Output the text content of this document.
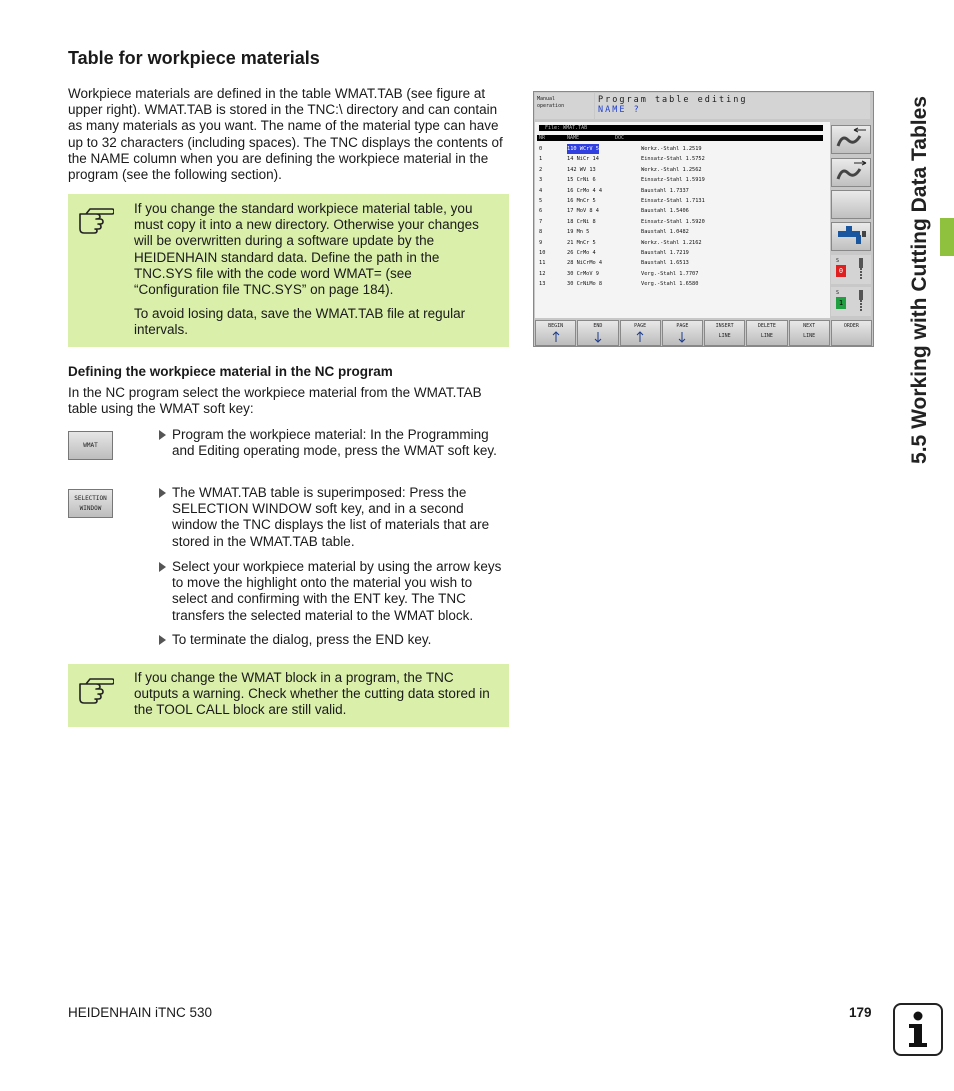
Table for workpiece materials
Workpiece materials are defined in the table WMAT.TAB (see figure at upper right). WMAT.TAB is stored in the TNC:\ directory and can contain as many materials as you want. The name of the material type can have up to 32 characters (including spaces). The TNC displays the contents of the NAME column when you are defining the workpiece material in the program (see the following section).
If you change the standard workpiece material table, you must copy it into a new directory. Otherwise your changes will be overwritten during a software update by the HEIDENHAIN standard data. Define the path in the TNC.SYS file with the code word WMAT= (see “Configuration file TNC.SYS” on page 184).
To avoid losing data, save the WMAT.TAB file at regular intervals.
Defining the workpiece material in the NC program
In the NC program select the workpiece material from the WMAT.TAB table using the WMAT soft key:
WMAT
SELECTION
WINDOW
Program the workpiece material: In the Programming and Editing operating mode, press the WMAT soft key.
The WMAT.TAB table is superimposed: Press the SELECTION WINDOW soft key, and in a second window the TNC displays the list of materials that are stored in the WMAT.TAB table.
Select your workpiece material by using the arrow keys to move the highlight onto the material you wish to select and confirming with the ENT key. The TNC transfers the selected material to the WMAT block.
To terminate the dialog, press the END key.
If you change the WMAT block in a program, the TNC outputs a warning. Check whether the cutting data stored in the TOOL CALL block are still valid.
Manual
operation
Program table editing
NAME ?
File: WMAT.TAB
NR	NAME	DOC
0	110 WCrV 5	Werkz.-Stahl 1.2519
1	14 NiCr 14	Einsatz-Stahl 1.5752
2	142 WV 13	Werkz.-Stahl 1.2562
3	15 CrNi 6	Einsatz-Stahl 1.5919
4	16 CrMo 4 4	Baustahl 1.7337
5	16 MnCr 5	Einsatz-Stahl 1.7131
6	17 MoV 8 4	Baustahl 1.5406
7	18 CrNi 8	Einsatz-Stahl 1.5920
8	19 Mn 5	Baustahl 1.0482
9	21 MnCr 5	Werkz.-Stahl 1.2162
10	26 CrMo 4	Baustahl 1.7219
11	28 NiCrMo 4	Baustahl 1.6513
12	30 CrMoV 9	Verg.-Stahl 1.7707
13	30 CrNiMo 8	Verg.-Stahl 1.6580
S
0
S
1
BEGIN	END	PAGE	PAGE	INSERT
LINE
DELETE
LINE
NEXT
LINE
ORDER	5.5 Working with Cutting Data Tables
HEIDENHAIN iTNC 530	179
